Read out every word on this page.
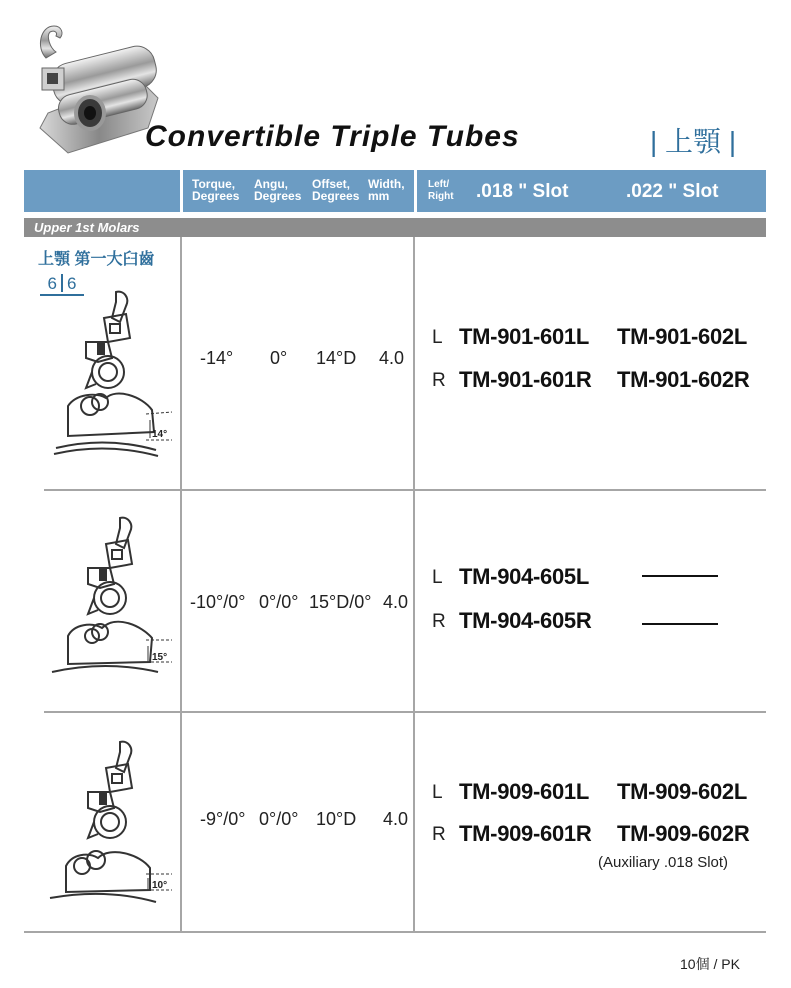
Convertible Triple Tubes	| 上顎 |
Torque,
Degrees
Angu,
Degrees
Offset,
Degrees
Width,
mm
Left/
Right .018 " Slot	.022 " Slot
Upper 1st Molars
上顎 第一大臼齒
6 6
14°
15°
10°
-14° 0° 14°D 4.0
L
R
TM-901-601L
TM-901-601R
TM-901-602L
TM-901-602R
-10°/0° 0°/0° 15°D/0° 4.0
L
R
TM-904-605L
TM-904-605R
-9°/0° 0°/0° 10°D 4.0
L
R
TM-909-601L
TM-909-601R
TM-909-602L
TM-909-602R
(Auxiliary .018 Slot)
10個 / PK
